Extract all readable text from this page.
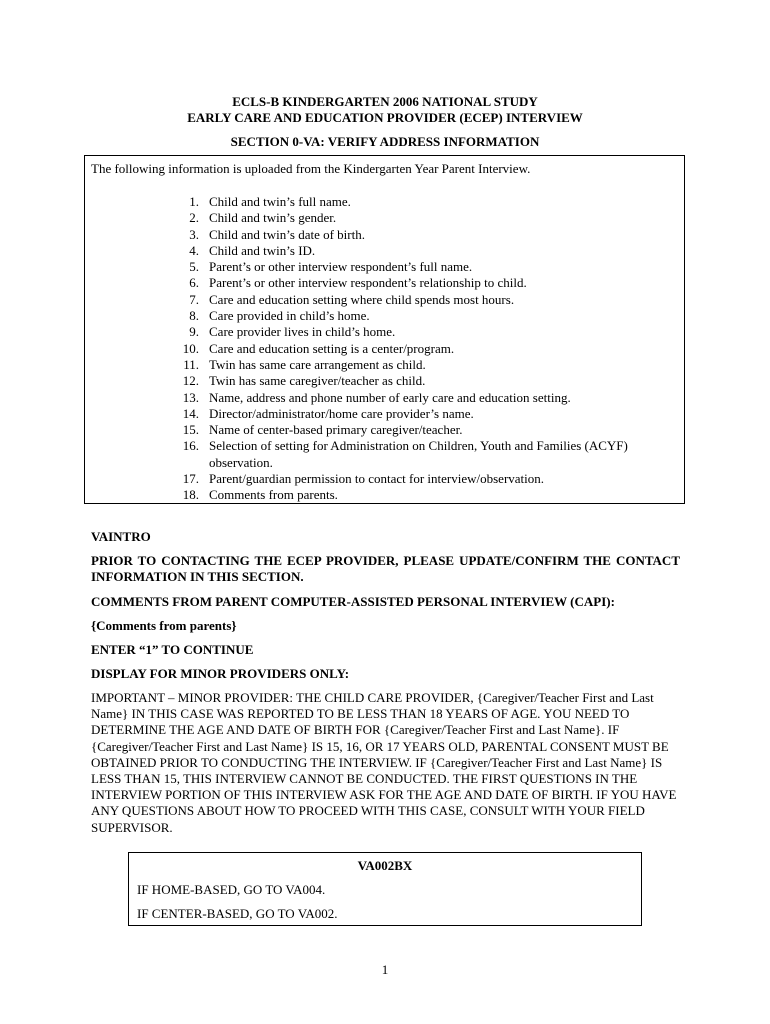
ECLS-B KINDERGARTEN 2006 NATIONAL STUDY
EARLY CARE AND EDUCATION PROVIDER (ECEP) INTERVIEW
SECTION 0-VA: VERIFY ADDRESS INFORMATION
The following information is uploaded from the Kindergarten Year Parent Interview.
1. Child and twin’s full name.
2. Child and twin’s gender.
3. Child and twin’s date of birth.
4. Child and twin’s ID.
5. Parent’s or other interview respondent’s full name.
6. Parent’s or other interview respondent’s relationship to child.
7. Care and education setting where child spends most hours.
8. Care provided in child’s home.
9. Care provider lives in child’s home.
10. Care and education setting is a center/program.
11. Twin has same care arrangement as child.
12. Twin has same caregiver/teacher as child.
13. Name, address and phone number of early care and education setting.
14. Director/administrator/home care provider’s name.
15. Name of center-based primary caregiver/teacher.
16. Selection of setting for Administration on Children, Youth and Families (ACYF) observation.
17. Parent/guardian permission to contact for interview/observation.
18. Comments from parents.
VAINTRO
PRIOR TO CONTACTING THE ECEP PROVIDER, PLEASE UPDATE/CONFIRM THE CONTACT INFORMATION IN THIS SECTION.
COMMENTS FROM PARENT COMPUTER-ASSISTED PERSONAL INTERVIEW (CAPI):
{Comments from parents}
ENTER “1” TO CONTINUE
DISPLAY FOR MINOR PROVIDERS ONLY:
IMPORTANT – MINOR PROVIDER: THE CHILD CARE PROVIDER, {Caregiver/Teacher First and Last Name} IN THIS CASE WAS REPORTED TO BE LESS THAN 18 YEARS OF AGE. YOU NEED TO DETERMINE THE AGE AND DATE OF BIRTH FOR {Caregiver/Teacher First and Last Name}. IF {Caregiver/Teacher First and Last Name} IS 15, 16, OR 17 YEARS OLD, PARENTAL CONSENT MUST BE OBTAINED PRIOR TO CONDUCTING THE INTERVIEW. IF {Caregiver/Teacher First and Last Name} IS LESS THAN 15, THIS INTERVIEW CANNOT BE CONDUCTED. THE FIRST QUESTIONS IN THE INTERVIEW PORTION OF THIS INTERVIEW ASK FOR THE AGE AND DATE OF BIRTH. IF YOU HAVE ANY QUESTIONS ABOUT HOW TO PROCEED WITH THIS CASE, CONSULT WITH YOUR FIELD SUPERVISOR.
VA002BX
IF HOME-BASED, GO TO VA004.
IF CENTER-BASED, GO TO VA002.
1
